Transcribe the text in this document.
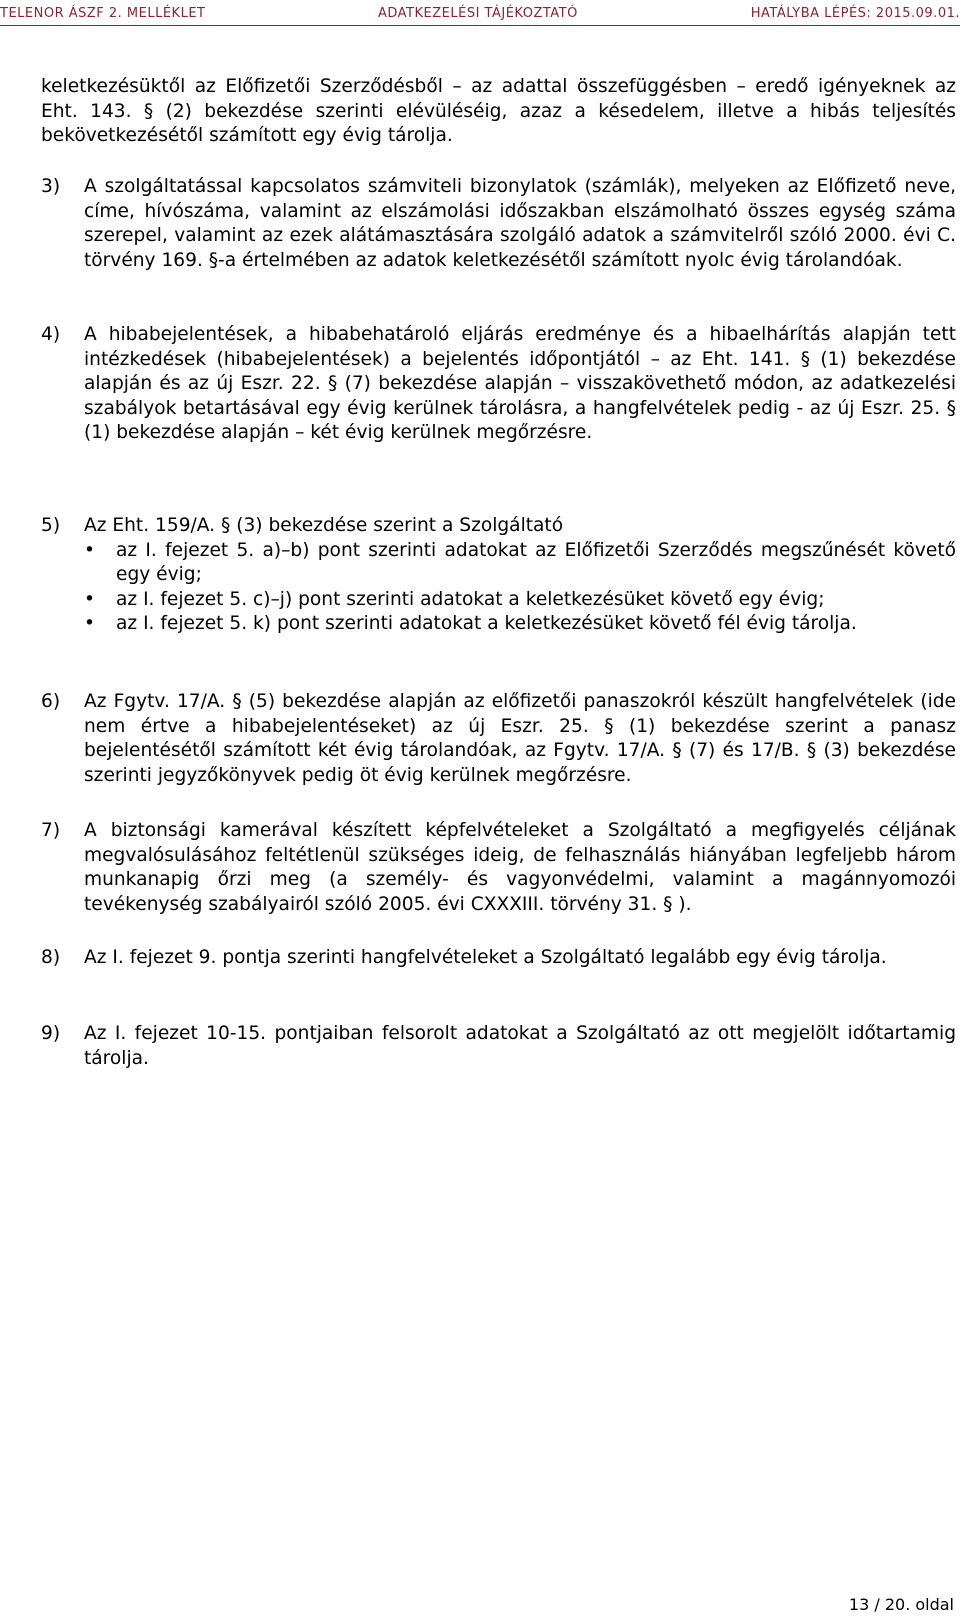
TELENOR ÁSZF 2. MELLÉKLET	ADATKEZELÉSI TÁJÉKOZTATÓ	HATÁLYBA LÉPÉS: 2015.09.01.

keletkezésüktől az Előfizetői Szerződésből – az adattal összefüggésben – eredő igényeknek az Eht. 143. § (2) bekezdése szerinti elévüléséig, azaz a késedelem, illetve a hibás teljesítés bekövetkezésétől számított egy évig tárolja.

3) A szolgáltatással kapcsolatos számviteli bizonylatok (számlák), melyeken az Előfizető neve, címe, hívószáma, valamint az elszámolási időszakban elszámolható összes egység száma szerepel, valamint az ezek alátámasztására szolgáló adatok a számvitelről szóló 2000. évi C. törvény 169. §-a értelmében az adatok keletkezésétől számított nyolc évig tárolandóak.
4) A hibabejelentések, a hibabehatároló eljárás eredménye és a hibaelhárítás alapján tett intézkedések (hibabejelentések) a bejelentés időpontjától – az Eht. 141. § (1) bekezdése alapján és az új Eszr. 22. § (7) bekezdése alapján – visszakövethető módon, az adatkezelési szabályok betartásával egy évig kerülnek tárolásra, a hangfelvételek pedig - az új Eszr. 25. § (1) bekezdése alapján – két évig kerülnek megőrzésre.
5) Az Eht. 159/A. § (3) bekezdése szerint a Szolgáltató
• az I. fejezet 5. a)–b) pont szerinti adatokat az Előfizetői Szerződés megszűnését követő egy évig;
• az I. fejezet 5. c)–j) pont szerinti adatokat a keletkezésüket követő egy évig;
• az I. fejezet 5. k) pont szerinti adatokat a keletkezésüket követő fél évig tárolja.
6) Az Fgytv. 17/A. § (5) bekezdése alapján az előfizetői panaszokról készült hangfelvételek (ide nem értve a hibabejelentéseket) az új Eszr. 25. § (1) bekezdése szerint a panasz bejelentésétől számított két évig tárolandóak, az Fgytv. 17/A. § (7) és 17/B. § (3) bekezdése szerinti jegyzőkönyvek pedig öt évig kerülnek megőrzésre.
7) A biztonsági kamerával készített képfelvételeket a Szolgáltató a megfigyelés céljának megvalósulásához feltétlenül szükséges ideig, de felhasználás hiányában legfeljebb három munkanapig őrzi meg (a személy- és vagyonvédelmi, valamint a magánnyomozói tevékenység szabályairól szóló 2005. évi CXXXIII. törvény 31. § ).
8) Az I. fejezet 9. pontja szerinti hangfelvételeket a Szolgáltató legalább egy évig tárolja.
9) Az I. fejezet 10-15. pontjaiban felsorolt adatokat a Szolgáltató az ott megjelölt időtartamig tárolja.
13 / 20. oldal
